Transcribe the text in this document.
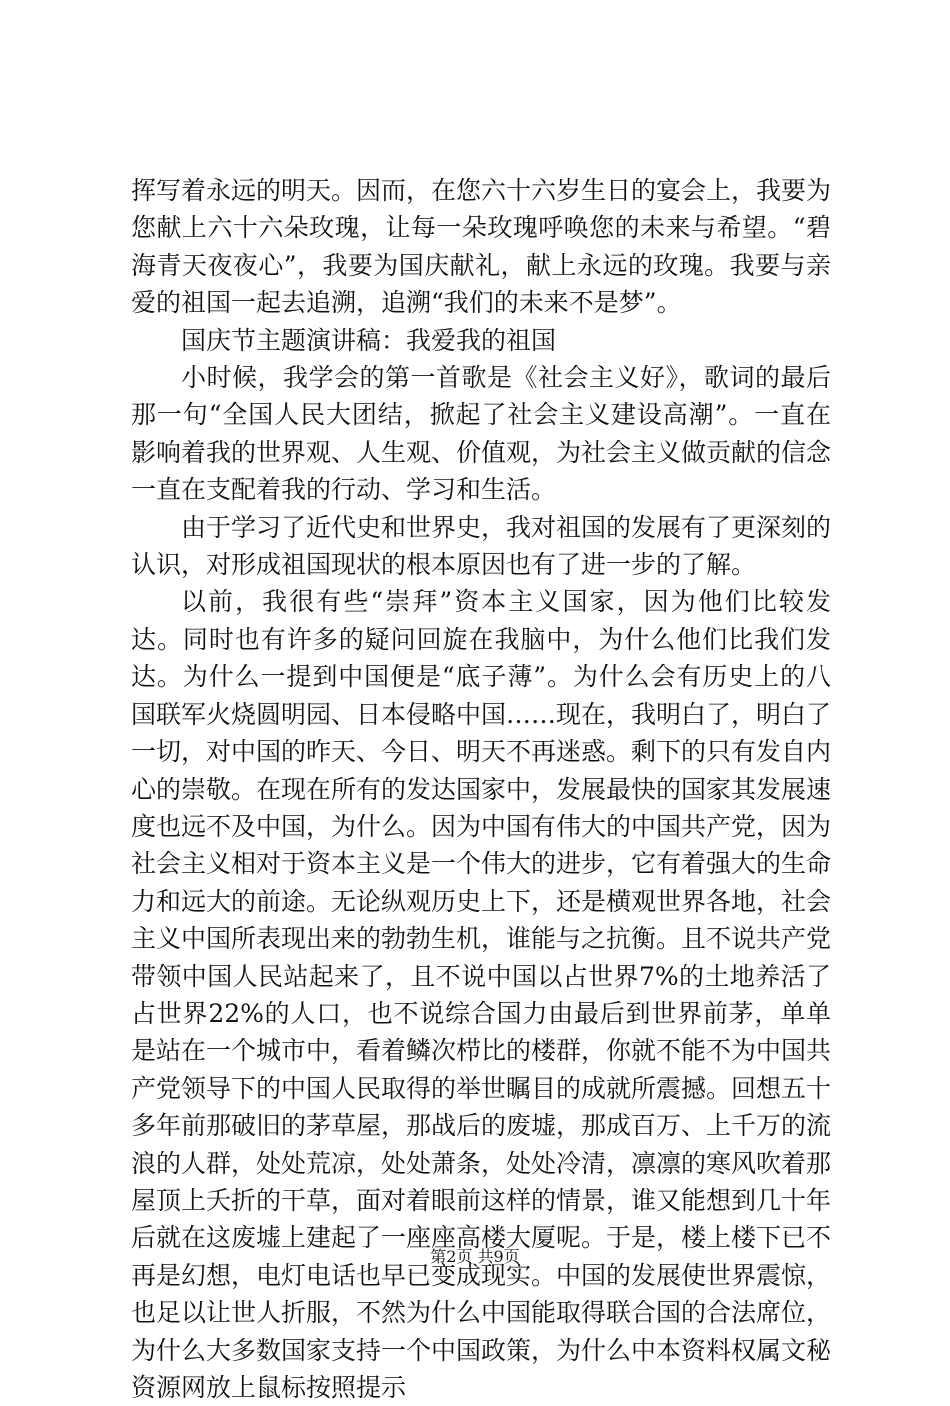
挥写着永远的明天。因而，在您六十六岁生日的宴会上，我要为您献上六十六朵玫瑰，让每一朵玫瑰呼唤您的未来与希望。“碧海青天夜夜心”，我要为国庆献礼，献上永远的玫瑰。我要与亲爱的祖国一起去追溯，追溯“我们的未来不是梦”。

国庆节主题演讲稿：我爱我的祖国

小时候，我学会的第一首歌是《社会主义好》，歌词的最后那一句“全国人民大团结，掀起了社会主义建设高潮”。一直在影响着我的世界观、人生观、价值观，为社会主义做贡献的信念一直在支配着我的行动、学习和生活。

由于学习了近代史和世界史，我对祖国的发展有了更深刻的认识，对形成祖国现状的根本原因也有了进一步的了解。

以前，我很有些“崇拜”资本主义国家，因为他们比较发达。同时也有许多的疑问回旋在我脑中，为什么他们比我们发达。为什么一提到中国便是“底子薄”。为什么会有历史上的八国联军火烧圆明园、日本侵略中国……现在，我明白了，明白了一切，对中国的昨天、今日、明天不再迷惑。剩下的只有发自内心的崇敬。在现在所有的发达国家中，发展最快的国家其发展速度也远不及中国，为什么。因为中国有伟大的中国共产党，因为社会主义相对于资本主义是一个伟大的进步，它有着强大的生命力和远大的前途。无论纵观历史上下，还是横观世界各地，社会主义中国所表现出来的勃勃生机，谁能与之抗衡。且不说共产党带领中国人民站起来了，且不说中国以占世界7%的土地养活了占世界22%的人口，也不说综合国力由最后到世界前茅，单单是站在一个城市中，看着鳞次栉比的楼群，你就不能不为中国共产党领导下的中国人民取得的举世瞩目的成就所震撼。回想五十多年前那破旧的茅草屋，那战后的废墟，那成百万、上千万的流浪的人群，处处荒凉，处处萧条，处处冷清，凛凛的寒风吹着那屋顶上夭折的干草，面对着眼前这样的情景，谁又能想到几十年后就在这废墟上建起了一座座高楼大厦呢。于是，楼上楼下已不再是幻想，电灯电话也早已变成现实。中国的发展使世界震惊，也足以让世人折服，不然为什么中国能取得联合国的合法席位，为什么大多数国家支持一个中国政策，为什么中本资料权属文秘资源网放上鼠标按照提示

第2页 共9页
